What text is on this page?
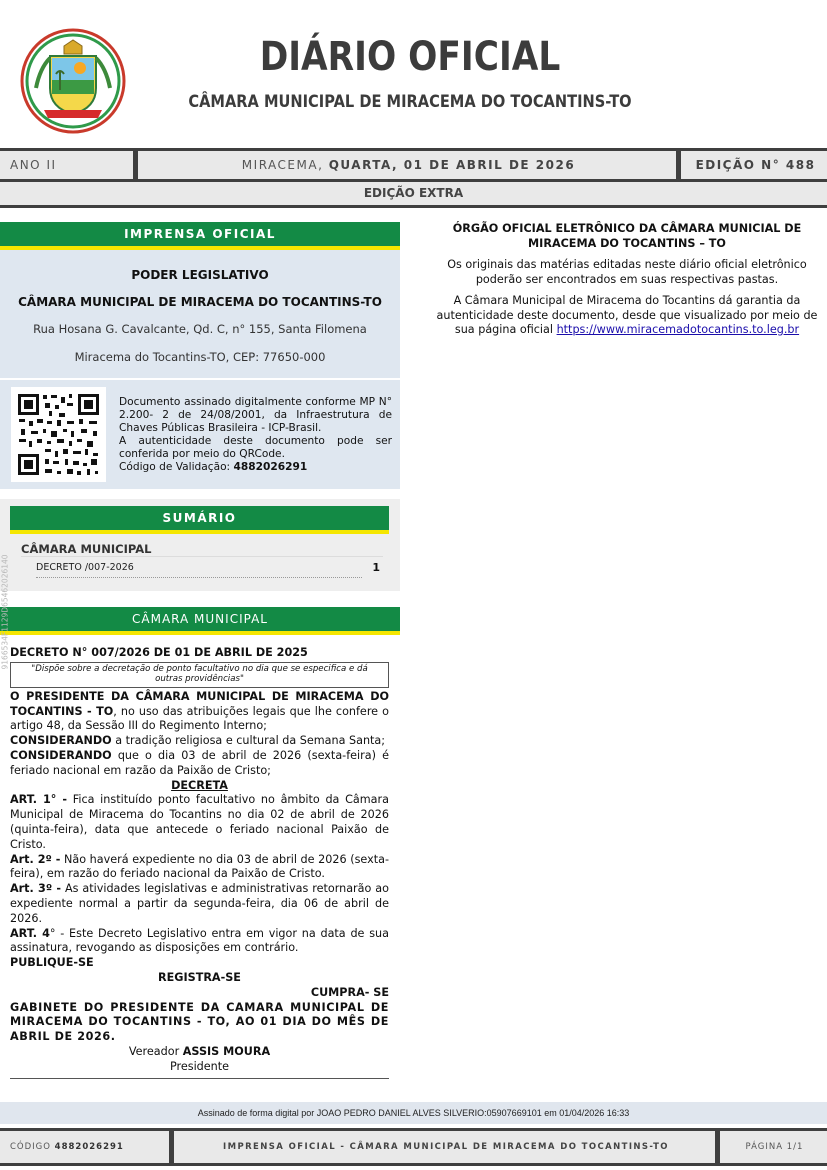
DIÁRIO OFICIAL
CÂMARA MUNICIPAL DE MIRACEMA DO TOCANTINS-TO
ANO II	MIRACEMA, QUARTA, 01 DE ABRIL DE 2026	EDIÇÃO N° 488
EDIÇÃO EXTRA
IMPRENSA OFICIAL
PODER LEGISLATIVO
CÂMARA MUNICIPAL DE MIRACEMA DO TOCANTINS-TO
Rua Hosana G. Cavalcante, Qd. C, n° 155, Santa Filomena
Miracema do Tocantins-TO, CEP: 77650-000
Documento assinado digitalmente conforme MP N° 2.200- 2 de 24/08/2001, da Infraestrutura de Chaves Públicas Brasileira - ICP-Brasil.
A autenticidade deste documento pode ser conferida por meio do QRCode.
Código de Validação: 4882026291
SUMÁRIO
CÂMARA MUNICIPAL
DECRETO /007-2026	1
CÂMARA MUNICIPAL
9166534F1129D65462026140 DECRETO N° 007/2026 DE 01 DE ABRIL DE 2025
"Dispõe sobre a decretação de ponto facultativo no dia que se especifica e dá outras providências"

O PRESIDENTE DA CÂMARA MUNICIPAL DE MIRACEMA DO TOCANTINS - TO, no uso das atribuições legais que lhe confere o artigo 48, da Sessão III do Regimento Interno;

CONSIDERANDO a tradição religiosa e cultural da Semana Santa;

CONSIDERANDO que o dia 03 de abril de 2026 (sexta-feira) é feriado nacional em razão da Paixão de Cristo;

DECRETA

ART. 1° - Fica instituído ponto facultativo no âmbito da Câmara Municipal de Miracema do Tocantins no dia 02 de abril de 2026 (quinta-feira), data que antecede o feriado nacional Paixão de Cristo.

Art. 2º - Não haverá expediente no dia 03 de abril de 2026 (sexta-feira), em razão do feriado nacional da Paixão de Cristo.

Art. 3º - As atividades legislativas e administrativas retornarão ao expediente normal a partir da segunda-feira, dia 06 de abril de 2026.

ART. 4° - Este Decreto Legislativo entra em vigor na data de sua assinatura, revogando as disposições em contrário.

PUBLIQUE-SE

REGISTRA-SE

CUMPRA- SE

GABINETE DO PRESIDENTE DA CAMARA MUNICIPAL DE MIRACEMA DO TOCANTINS - TO, AO 01 DIA DO MÊS DE ABRIL DE 2026.

Vereador ASSIS MOURA

Presidente

ÓRGÃO OFICIAL ELETRÔNICO DA CÂMARA MUNICIAL DE MIRACEMA DO TOCANTINS – TO

Os originais das matérias editadas neste diário oficial eletrônico poderão ser encontrados em suas respectivas pastas.

A Câmara Municipal de Miracema do Tocantins dá garantia da autenticidade deste documento, desde que visualizado por meio de sua página oficial https://www.miracemadotocantins.to.leg.br

Assinado de forma digital por JOAO PEDRO DANIEL ALVES SILVERIO:05907669101 em 01/04/2026 16:33
CÓDIGO 4882026291	IMPRENSA OFICIAL - CÂMARA MUNICIPAL DE MIRACEMA DO TOCANTINS-TO	PÁGINA 1/1
